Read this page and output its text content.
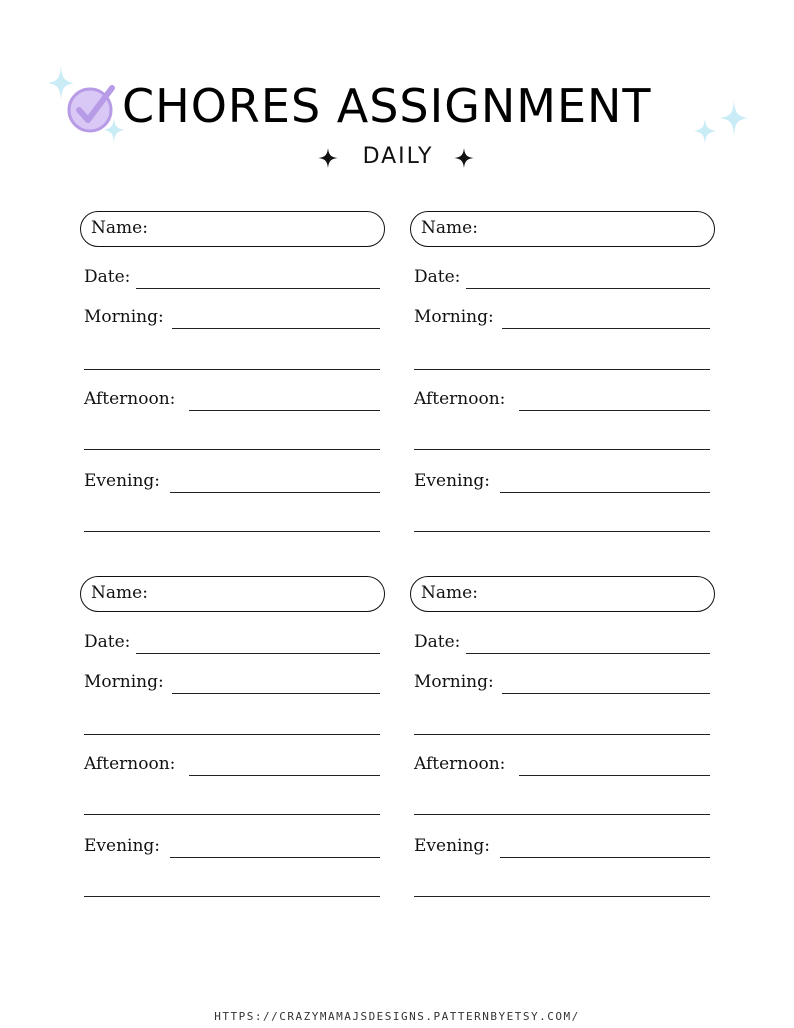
CHORES ASSIGNMENT
DAILY
Name:
Date:
Morning:
Afternoon:
Evening:
Name:
Date:
Morning:
Afternoon:
Evening:
Name:
Date:
Morning:
Afternoon:
Evening:
Name:
Date:
Morning:
Afternoon:
Evening:
HTTPS://CRAZYMAMAJSDESIGNS.PATTERNBYETSY.COM/
